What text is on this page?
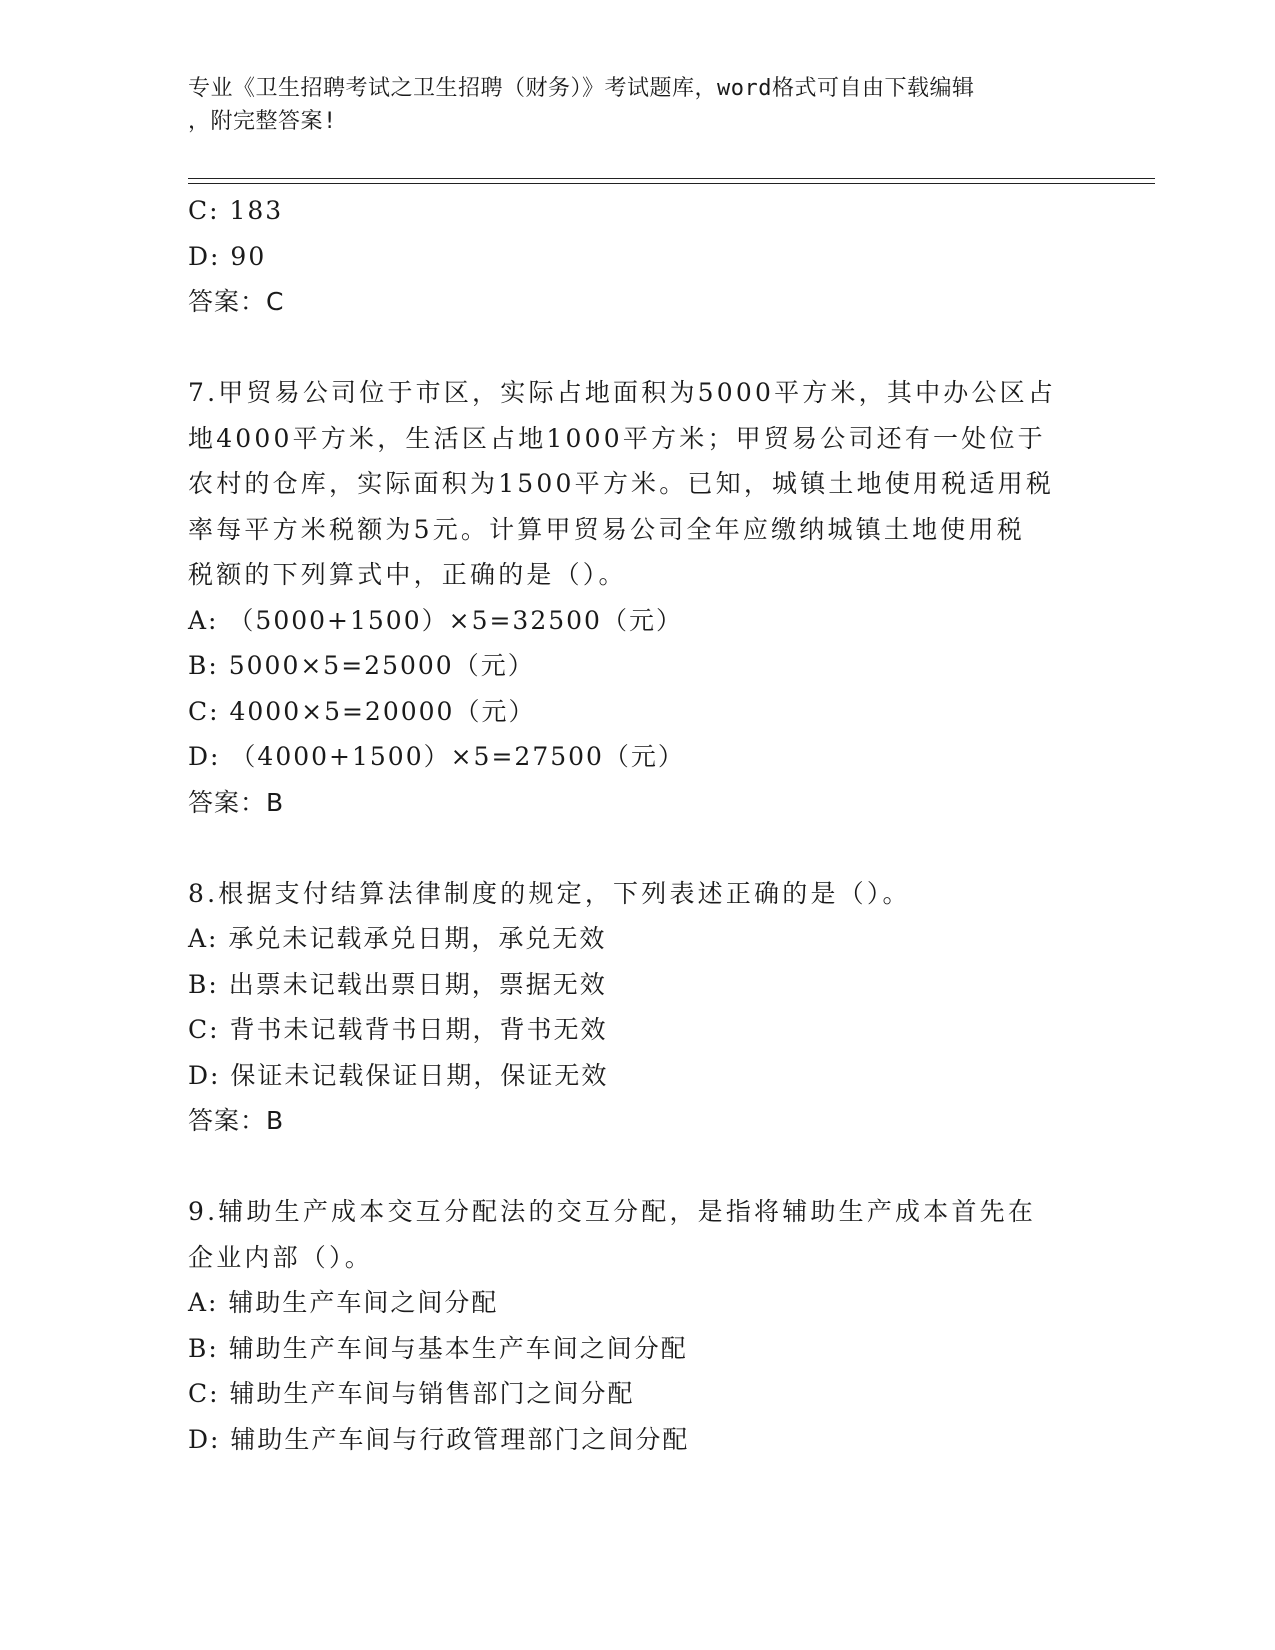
专业《卫生招聘考试之卫生招聘（财务）》考试题库，word格式可自由下载编辑
，附完整答案!
C: 183
D: 90
答案：C
7.甲贸易公司位于市区，实际占地面积为5000平方米，其中办公区占
地4000平方米，生活区占地1000平方米；甲贸易公司还有一处位于
农村的仓库，实际面积为1500平方米。已知，城镇土地使用税适用税
率每平方米税额为5元。计算甲贸易公司全年应缴纳城镇土地使用税
税额的下列算式中，正确的是（）。
A: （5000+1500）×5=32500（元）
B: 5000×5=25000（元）
C: 4000×5=20000（元）
D: （4000+1500）×5=27500（元）
答案：B
8.根据支付结算法律制度的规定，下列表述正确的是（）。
A: 承兑未记载承兑日期，承兑无效
B: 出票未记载出票日期，票据无效
C: 背书未记载背书日期，背书无效
D: 保证未记载保证日期，保证无效
答案：B
9.辅助生产成本交互分配法的交互分配，是指将辅助生产成本首先在
企业内部（）。
A: 辅助生产车间之间分配
B: 辅助生产车间与基本生产车间之间分配
C: 辅助生产车间与销售部门之间分配
D: 辅助生产车间与行政管理部门之间分配
